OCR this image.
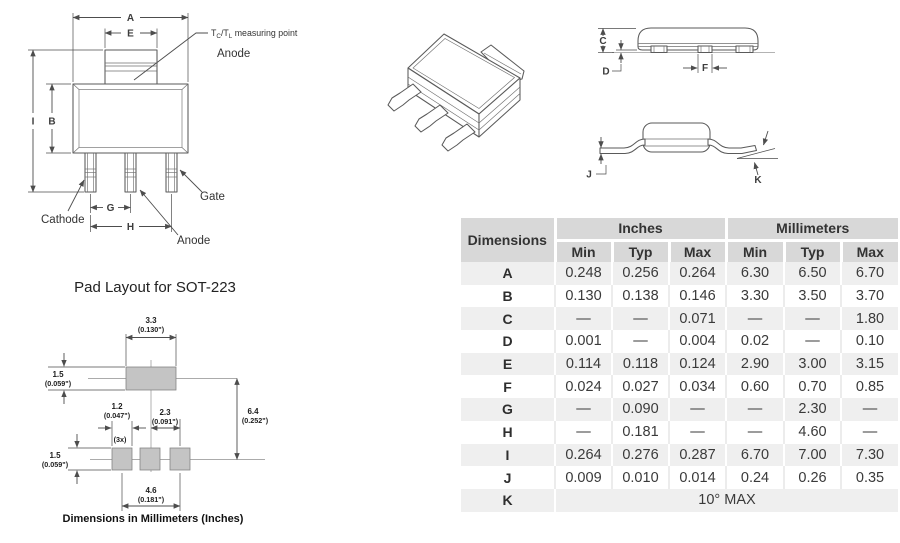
A
E
I B
G
H
$T_C/T_L$ measuring point
Anode
Cathode
Gate
Anode
C
D	F
J	K
Pad Layout for SOT-223
3.3
(0.130")
1.5
(0.059")
6.4
(0.252")
1.2
(0.047")
(3x)
2.3
(0.091")
1.5
(0.059")
4.6
(0.181")
Dimensions in Millimeters (Inches)
Dimensions	Inches			Millimeters		
	Min	Typ	Max	Min	Typ	Max
A	0.248	0.256	0.264	6.30	6.50	6.70
B	0.130	0.138	0.146	3.30	3.50	3.70
C	—	—	0.071	—	—	1.80
D	0.001	—	0.004	0.02	—	0.10
E	0.114	0.118	0.124	2.90	3.00	3.15
F	0.024	0.027	0.034	0.60	0.70	0.85
G	—	0.090	—	—	2.30	—
H	—	0.181	—	—	4.60	—
I	0.264	0.276	0.287	6.70	7.00	7.30
J	0.009	0.010	0.014	0.24	0.26	0.35
K	10° MAX					
